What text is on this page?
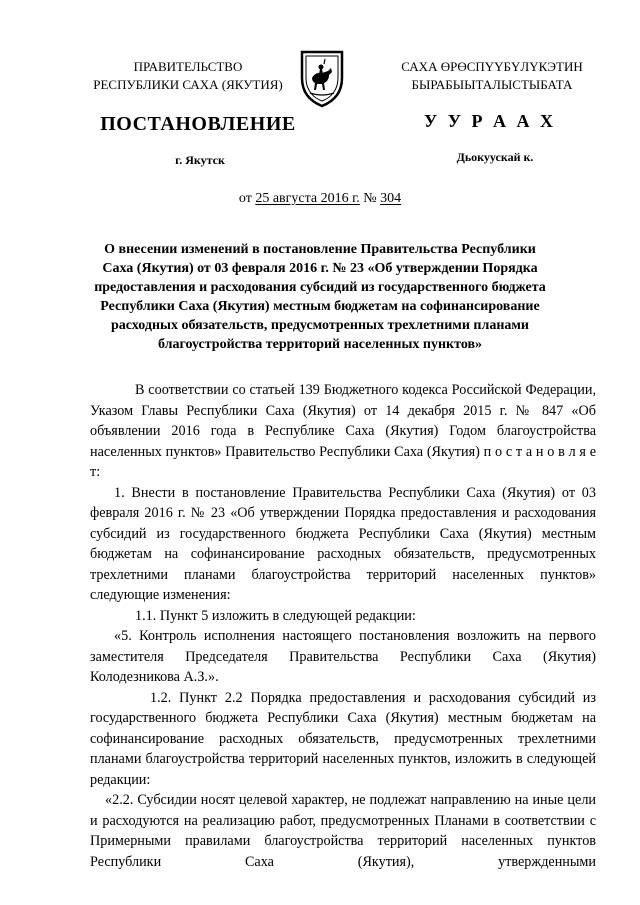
ПРАВИТЕЛЬСТВО
РЕСПУБЛИКИ САХА (ЯКУТИЯ)
САХА ӨРӨСПҮҮБҮЛҮКЭТИН
БЫРАБЫЫТАЛЫСТЫБАТА
ПОСТАНОВЛЕНИЕ	У У Р А А Х
г. Якутск	Дьокуускай к.
от 25 августа 2016 г. № 304
О внесении изменений в постановление Правительства Республики Саха (Якутия) от 03 февраля 2016 г. № 23 «Об утверждении Порядка предоставления и расходования субсидий из государственного бюджета Республики Саха (Якутия) местным бюджетам на софинансирование расходных обязательств, предусмотренных трехлетними планами благоустройства территорий населенных пунктов»

В соответствии со статьей 139 Бюджетного кодекса Российской Федерации, Указом Главы Республики Саха (Якутия) от 14 декабря 2015 г. № 847 «Об объявлении 2016 года в Республике Саха (Якутия) Годом благоустройства населенных пунктов» Правительство Республики Саха (Якутия) п о с т а н о в л я е т:

1. Внести в постановление Правительства Республики Саха (Якутия) от 03 февраля 2016 г. № 23 «Об утверждении Порядка предоставления и расходования субсидий из государственного бюджета Республики Саха (Якутия) местным бюджетам на софинансирование расходных обязательств, предусмотренных трехлетними планами благоустройства территорий населенных пунктов» следующие изменения:

1.1. Пункт 5 изложить в следующей редакции:

«5. Контроль исполнения настоящего постановления возложить на первого заместителя Председателя Правительства Республики Саха (Якутия) Колодезникова А.З.».

1.2. Пункт 2.2 Порядка предоставления и расходования субсидий из государственного бюджета Республики Саха (Якутия) местным бюджетам на софинансирование расходных обязательств, предусмотренных трехлетними планами благоустройства территорий населенных пунктов, изложить в следующей редакции:

«2.2. Субсидии носят целевой характер, не подлежат направлению на иные цели и расходуются на реализацию работ, предусмотренных Планами в соответствии с Примерными правилами благоустройства территорий населенных пунктов Республики Саха (Якутия), утвержденными
